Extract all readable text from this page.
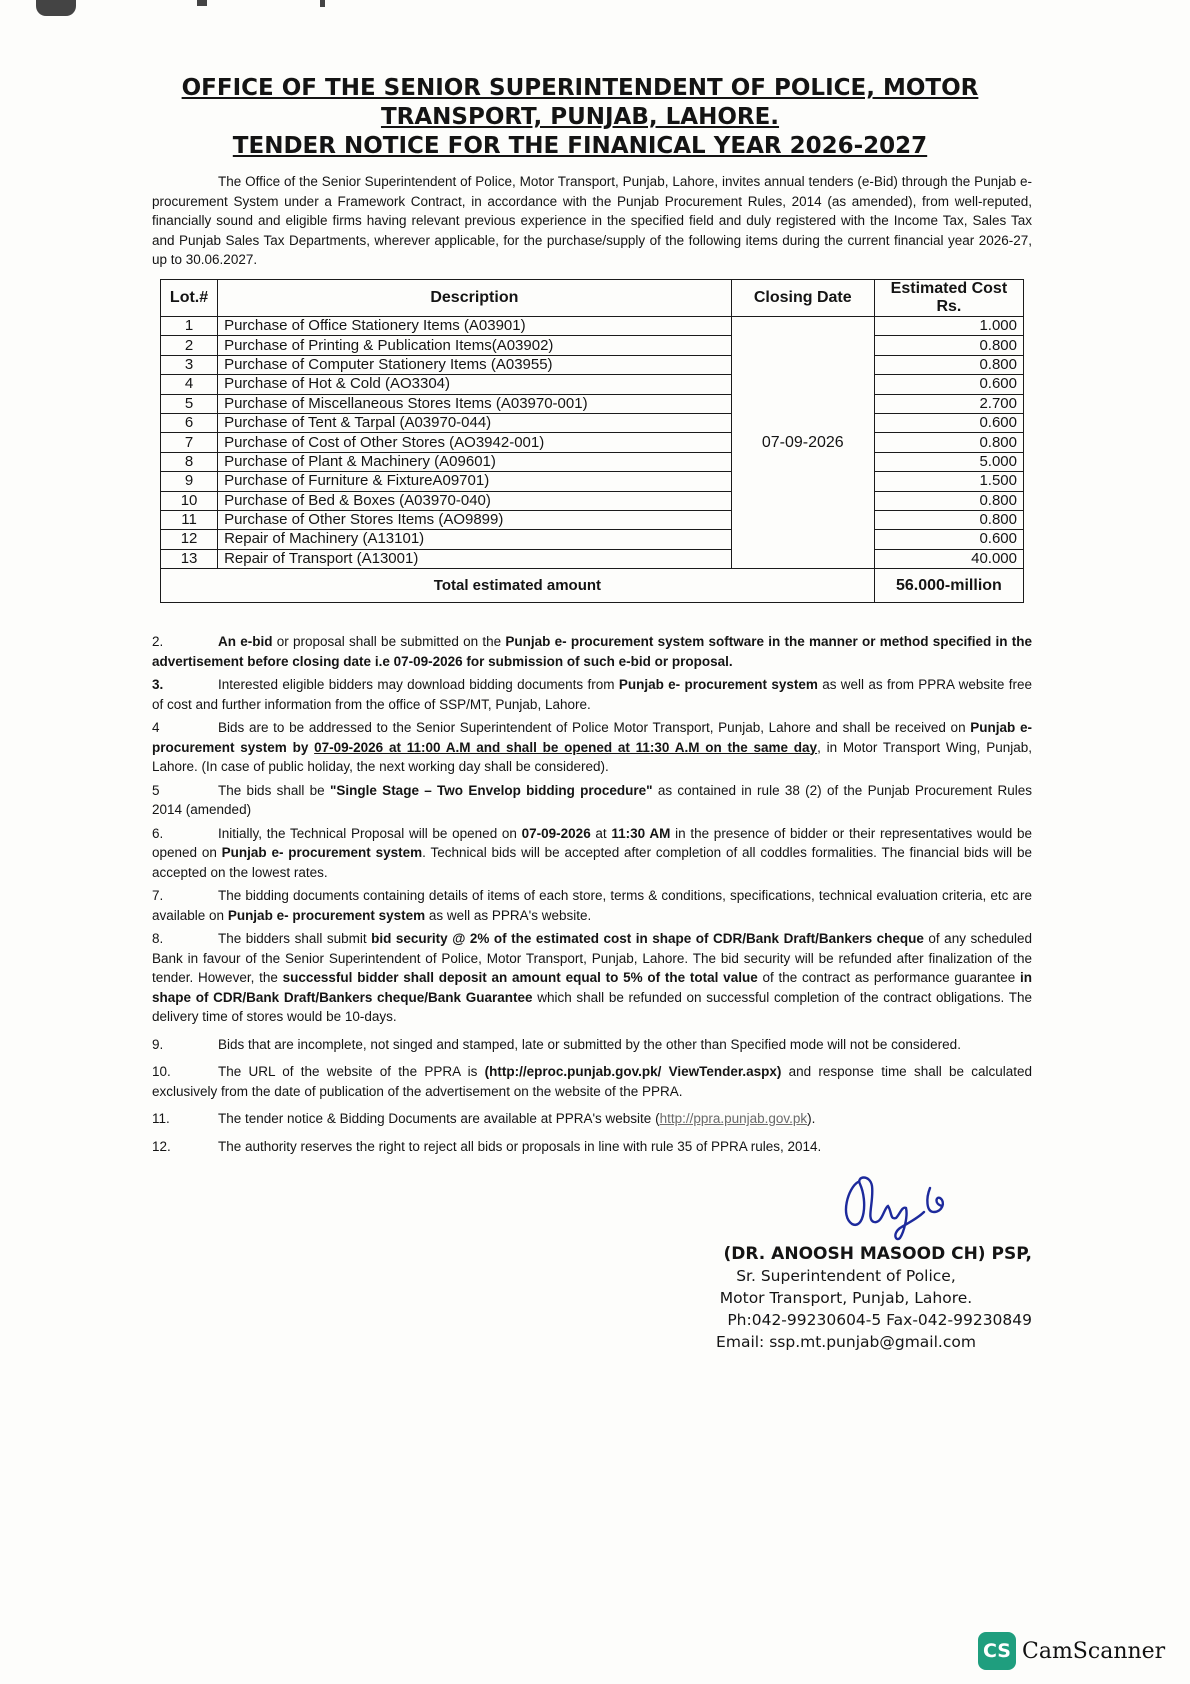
OFFICE OF THE SENIOR SUPERINTENDENT OF POLICE, MOTOR
TRANSPORT, PUNJAB, LAHORE.
TENDER NOTICE FOR THE FINANICAL YEAR 2026-2027
The Office of the Senior Superintendent of Police, Motor Transport, Punjab, Lahore, invites annual tenders (e-Bid) through the Punjab e-procurement System under a Framework Contract, in accordance with the Punjab Procurement Rules, 2014 (as amended), from well-reputed, financially sound and eligible firms having relevant previous experience in the specified field and duly registered with the Income Tax, Sales Tax and Punjab Sales Tax Departments, wherever applicable, for the purchase/supply of the following items during the current financial year 2026-27, up to 30.06.2027.
Lot.#	Description	Closing Date	Estimated Cost Rs.
1	Purchase of Office Stationery Items (A03901)	07-09-2026	1.000
2	Purchase of Printing & Publication Items(A03902)		0.800
3	Purchase of Computer Stationery Items (A03955)		0.800
4	Purchase of Hot & Cold (AO3304)		0.600
5	Purchase of Miscellaneous Stores Items (A03970-001)		2.700
6	Purchase of Tent & Tarpal (A03970-044)		0.600
7	Purchase of Cost of Other Stores (AO3942-001)		0.800
8	Purchase of Plant & Machinery (A09601)		5.000
9	Purchase of Furniture & FixtureA09701)		1.500
10	Purchase of Bed & Boxes (A03970-040)		0.800
11	Purchase of Other Stores Items (AO9899)		0.800
12	Repair of Machinery (A13101)		0.600
13	Repair of Transport (A13001)		40.000
Total estimated amount			56.000-million

2.	An e-bid or proposal shall be submitted on the Punjab e- procurement system software in the manner or method specified in the advertisement before closing date i.e 07-09-2026 for submission of such e-bid or proposal.

3.	Interested eligible bidders may download bidding documents from Punjab e- procurement system as well as from PPRA website free of cost and further information from the office of SSP/MT, Punjab, Lahore.

4	Bids are to be addressed to the Senior Superintendent of Police Motor Transport, Punjab, Lahore and shall be received on Punjab e- procurement system by 07-09-2026 at 11:00 A.M and shall be opened at 11:30 A.M on the same day, in Motor Transport Wing, Punjab, Lahore. (In case of public holiday, the next working day shall be considered).

5	The bids shall be "Single Stage – Two Envelop bidding procedure" as contained in rule 38 (2) of the Punjab Procurement Rules 2014 (amended)

6.	Initially, the Technical Proposal will be opened on 07-09-2026 at 11:30 AM in the presence of bidder or their representatives would be opened on Punjab e- procurement system. Technical bids will be accepted after completion of all coddles formalities. The financial bids will be accepted on the lowest rates.

7.	The bidding documents containing details of items of each store, terms & conditions, specifications, technical evaluation criteria, etc are available on Punjab e- procurement system as well as PPRA's website.

8.	The bidders shall submit bid security @ 2% of the estimated cost in shape of CDR/Bank Draft/Bankers cheque of any scheduled Bank in favour of the Senior Superintendent of Police, Motor Transport, Punjab, Lahore. The bid security will be refunded after finalization of the tender. However, the successful bidder shall deposit an amount equal to 5% of the total value of the contract as performance guarantee in shape of CDR/Bank Draft/Bankers cheque/Bank Guarantee which shall be refunded on successful completion of the contract obligations. The delivery time of stores would be 10-days.

9.	Bids that are incomplete, not singed and stamped, late or submitted by the other than Specified mode will not be considered.

10.	The URL of the website of the PPRA is (http://eproc.punjab.gov.pk/ ViewTender.aspx) and response time shall be calculated exclusively from the date of publication of the advertisement on the website of the PPRA.

11.	The tender notice & Bidding Documents are available at PPRA's website (http://ppra.punjab.gov.pk).

12.	The authority reserves the right to reject all bids or proposals in line with rule 35 of PPRA rules, 2014.

(DR. ANOOSH MASOOD CH) PSP,
Sr. Superintendent of Police,
Motor Transport, Punjab, Lahore.
Ph:042-99230604-5 Fax-042-99230849
Email: ssp.mt.punjab@gmail.com
CS CamScanner
